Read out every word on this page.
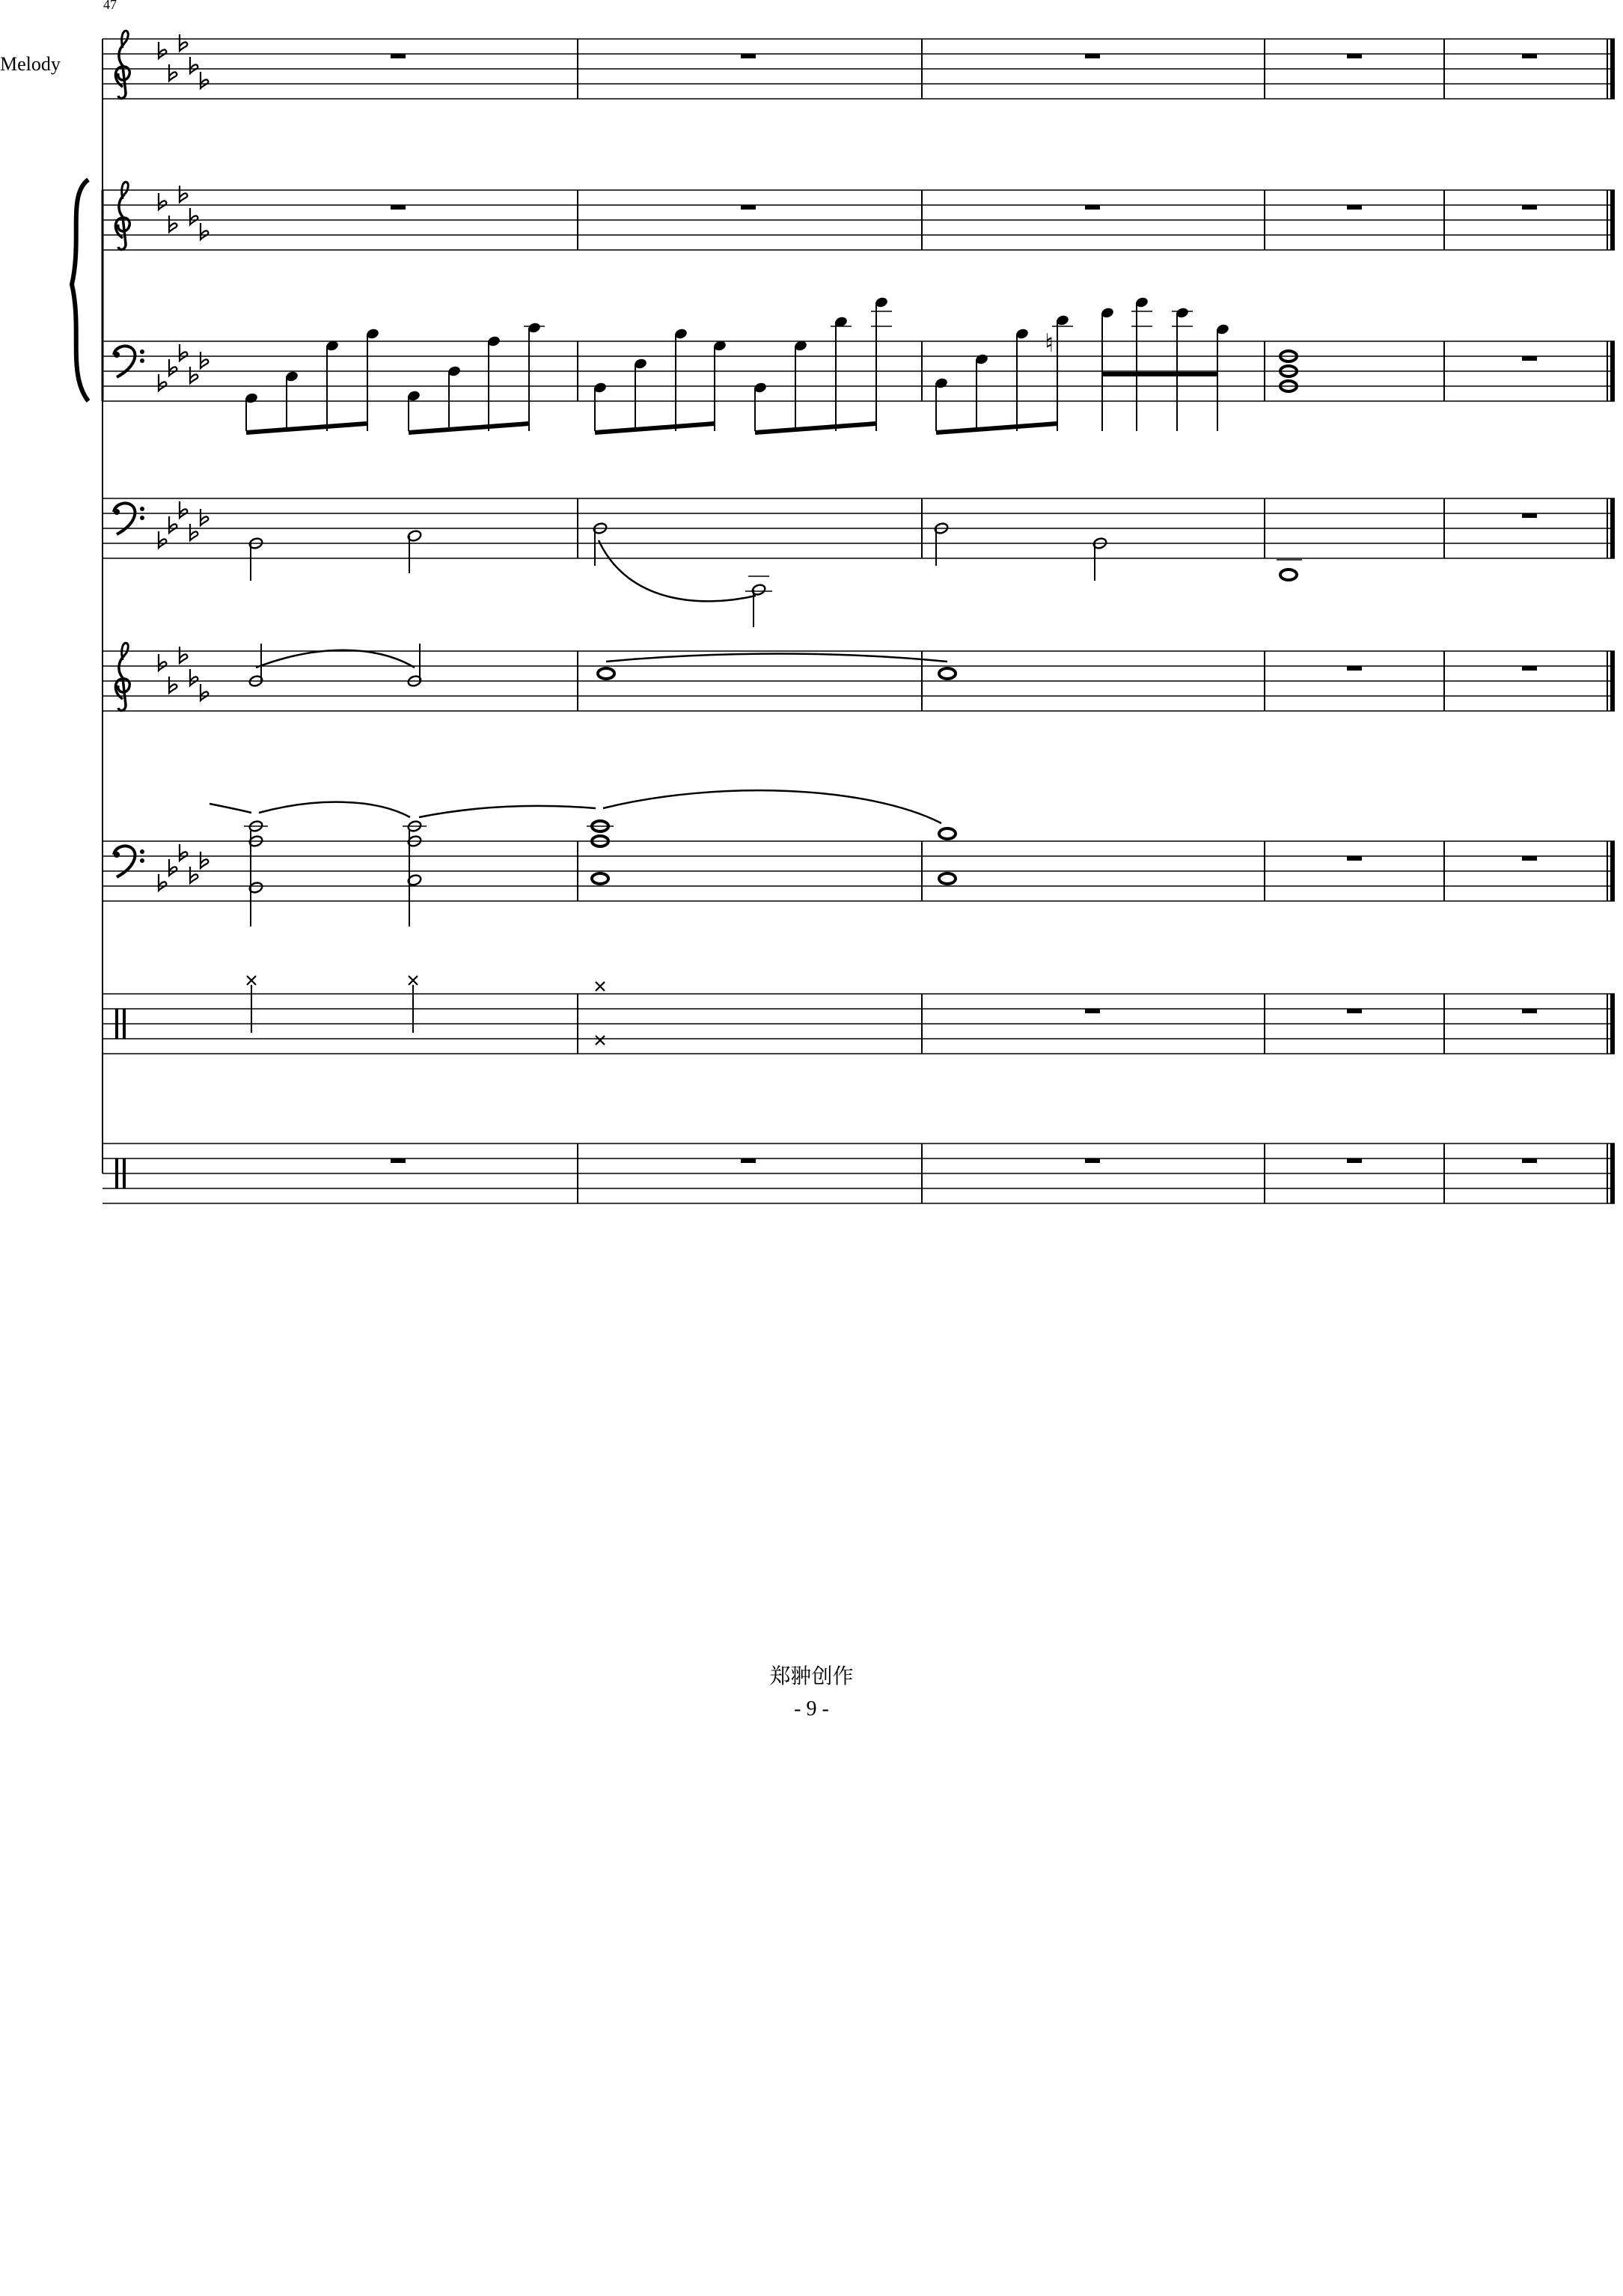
47
Melody
♮
郑翀创作
- 9 -
